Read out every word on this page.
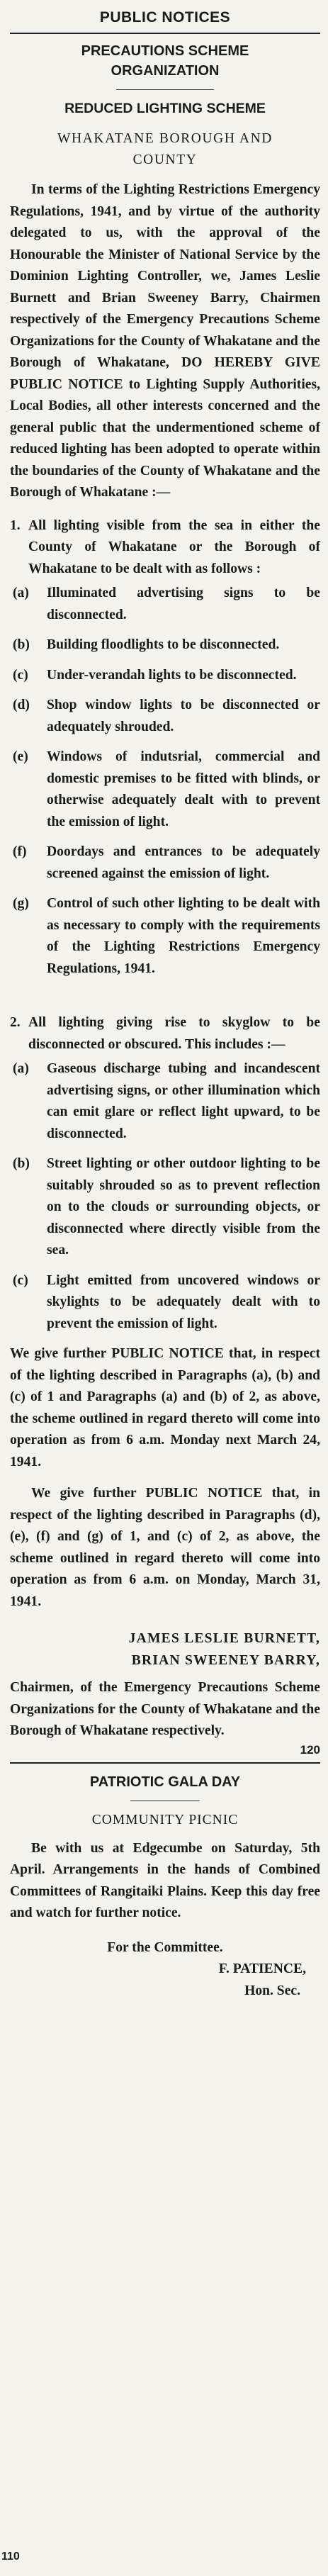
PUBLIC NOTICES
PRECAUTIONS SCHEME
ORGANIZATION
REDUCED LIGHTING SCHEME
WHAKATANE BOROUGH AND
COUNTY

In terms of the Lighting Restrictions Emergency Regulations, 1941, and by virtue of the authority delegated to us, with the approval of the Honourable the Minister of National Service by the Dominion Lighting Controller, we, James Leslie Burnett and Brian Sweeney Barry, Chairmen respectively of the Emergency Precautions Scheme Organizations for the County of Whakatane and the Borough of Whakatane, DO HEREBY GIVE PUBLIC NOTICE to Lighting Supply Authorities, Local Bodies, all other interests concerned and the general public that the undermentioned scheme of reduced lighting has been adopted to operate within the boundaries of the County of Whakatane and the Borough of Whakatane :—

1. All lighting visible from the sea in either the County of Whakatane or the Borough of Whakatane to be dealt with as follows :
(a)	Illuminated advertising signs to be disconnected.
(b)	Building floodlights to be disconnected.
(c)	Under-verandah lights to be disconnected.
(d)	Shop window lights to be disconnected or adequately shrouded.
(e)	Windows of indutsrial, commercial and domestic premises to be fitted with blinds, or otherwise adequately dealt with to prevent the emission of light.
(f)	Doordays and entrances to be adequately screened against the emission of light.
(g)	Control of such other lighting to be dealt with as necessary to comply with the requirements of the Lighting Restrictions Emergency Regulations, 1941.
2. All lighting giving rise to skyglow to be disconnected or obscured. This includes :—
(a)	Gaseous discharge tubing and incandescent advertising signs, or other illumination which can emit glare or reflect light upward, to be disconnected.
(b)	Street lighting or other outdoor lighting to be suitably shrouded so as to prevent reflection on to the clouds or surrounding objects, or disconnected where directly visible from the sea.
(c)	Light emitted from uncovered windows or skylights to be adequately dealt with to prevent the emission of light.

We give further PUBLIC NOTICE that, in respect of the lighting described in Paragraphs (a), (b) and (c) of 1 and Paragraphs (a) and (b) of 2, as above, the scheme outlined in regard thereto will come into operation as from 6 a.m. Monday next March 24, 1941.

We give further PUBLIC NOTICE that, in respect of the lighting described in Paragraphs (d), (e), (f) and (g) of 1, and (c) of 2, as above, the scheme outlined in regard thereto will come into operation as from 6 a.m. on Monday, March 31, 1941.

JAMES LESLIE BURNETT,
BRIAN SWEENEY BARRY,

Chairmen, of the Emergency Precautions Scheme Organizations for the County of Whakatane and the Borough of Whakatane respectively.

120
PATRIOTIC GALA DAY
COMMUNITY PICNIC

Be with us at Edgecumbe on Saturday, 5th April. Arrangements in the hands of Combined Committees of Rangitaiki Plains. Keep this day free and watch for further notice.

For the Committee.
F. PATIENCE,
Hon. Sec.
110
